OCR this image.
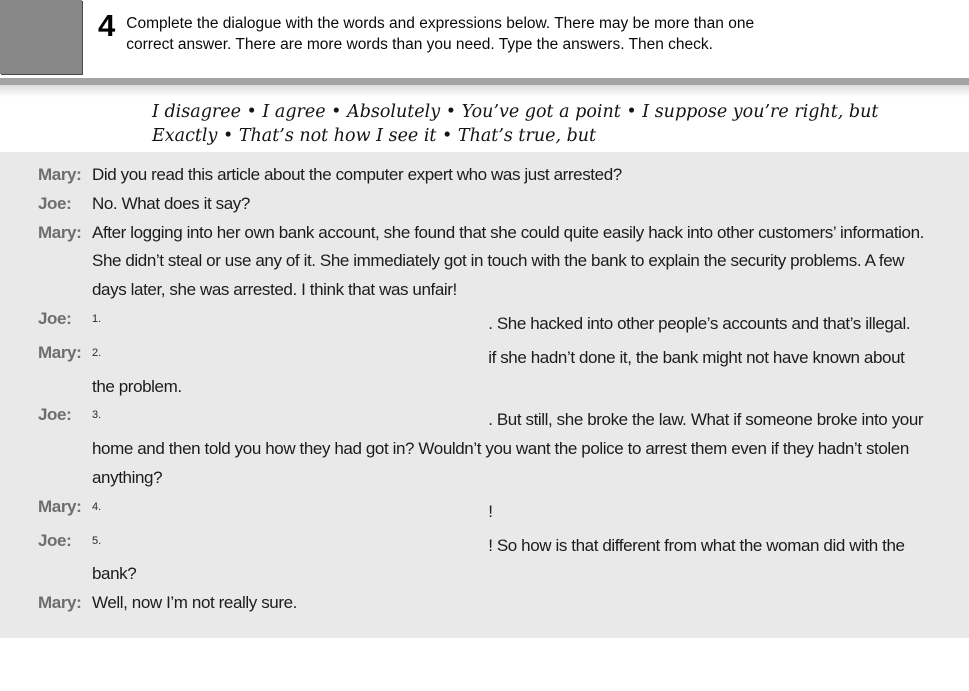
4 Complete the dialogue with the words and expressions below. There may be more than one
correct answer. There are more words than you need. Type the answers. Then check.
I disagree • I agree • Absolutely • You’ve got a point • I suppose you’re right, but
Exactly • That’s not how I see it • That’s true, but
Mary: Did you read this article about the computer expert who was just arrested?

Joe:	No. What does it say?

Mary: After logging into her own bank account, she found that she could quite easily hack into other customers’ information. She didn’t steal or use any of it. She immediately got in touch with the bank to explain the security problems. A few days later, she was arrested. I think that was unfair!

Joe:	$^{1.}$	. She hacked into other people’s accounts and that’s illegal.

Mary: $^{2.}$	if she hadn’t done it, the bank might not have known about the problem.

Joe:	$^{3.}$	. But still, she broke the law. What if someone broke into your home and then told you how they had got in? Wouldn’t you want the police to arrest them even if they hadn’t stolen anything?

Mary: $^{4.}$	!

Joe:	$^{5.}$	! So how is that different from what the woman did with the bank?

Mary: Well, now I’m not really sure.
